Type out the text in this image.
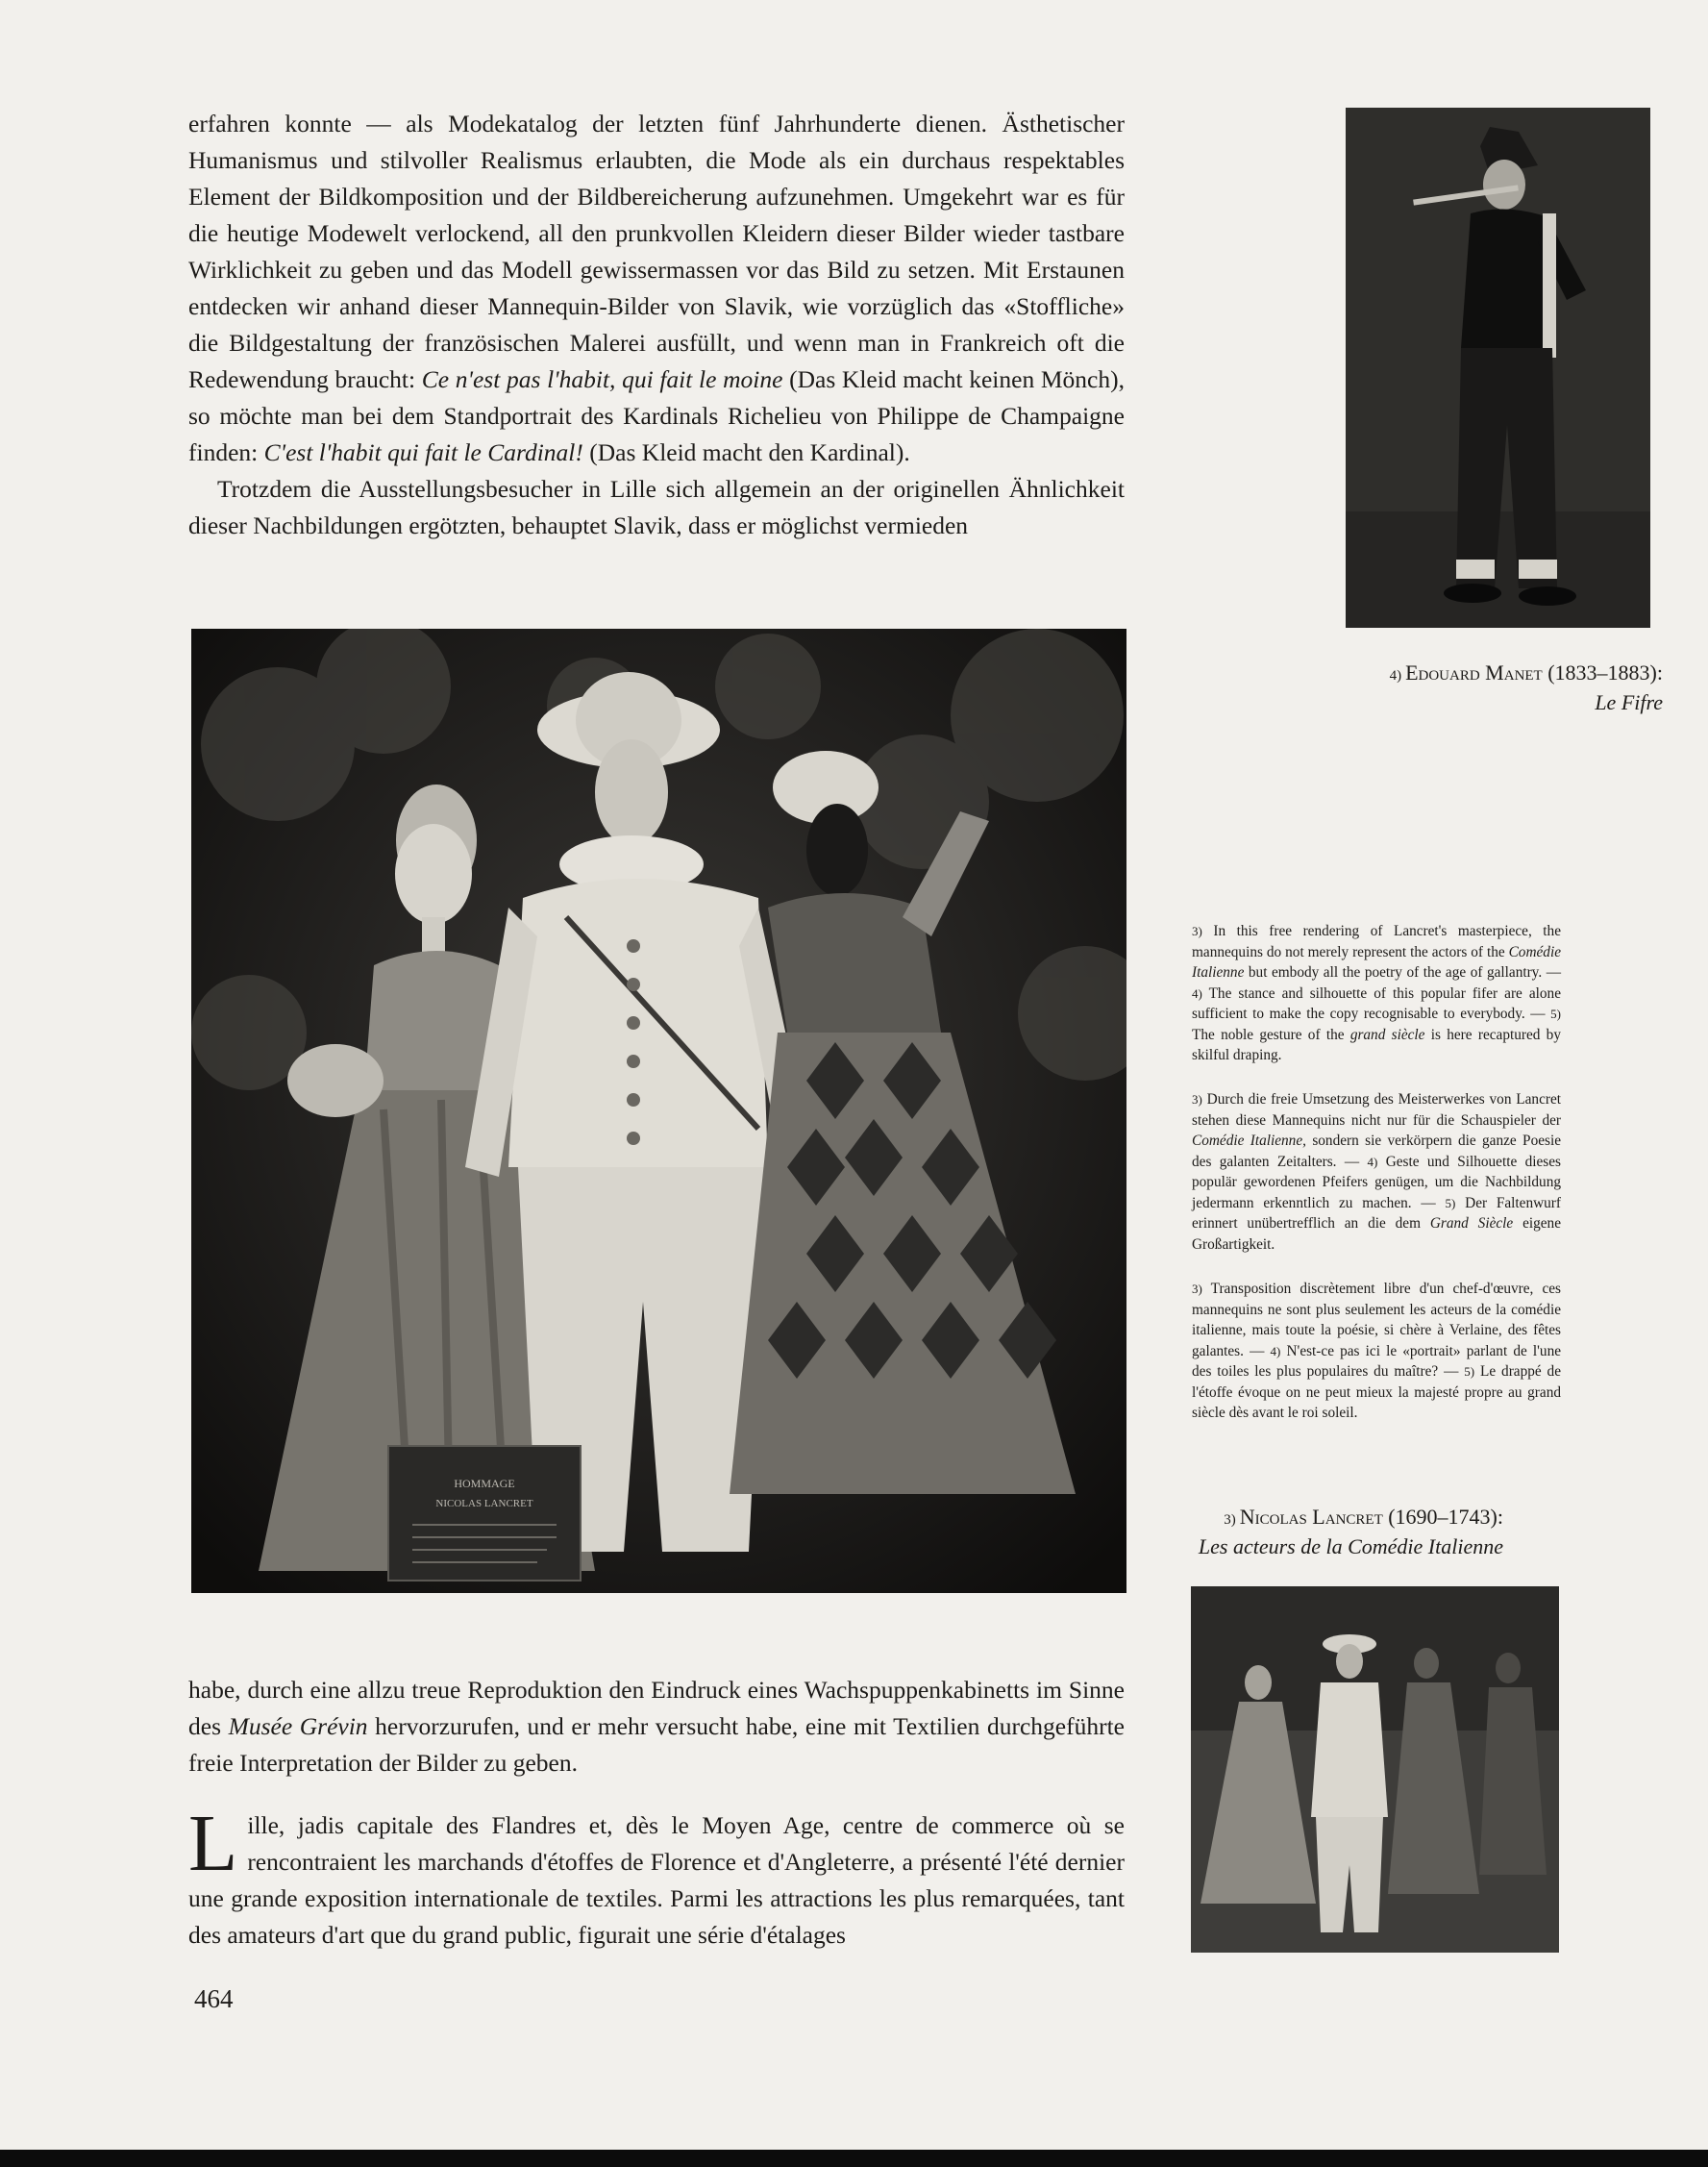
erfahren konnte — als Modekatalog der letzten fünf Jahrhunderte dienen. Ästhetischer Humanismus und stilvoller Realismus erlaubten, die Mode als ein durchaus respektables Element der Bildkomposition und der Bildbereicherung aufzunehmen. Umgekehrt war es für die heutige Modewelt verlockend, all den prunkvollen Kleidern dieser Bilder wieder tastbare Wirklichkeit zu geben und das Modell gewissermassen vor das Bild zu setzen. Mit Erstaunen entdecken wir anhand dieser Mannequin-Bilder von Slavik, wie vorzüglich das «Stoffliche» die Bildgestaltung der französischen Malerei ausfüllt, und wenn man in Frankreich oft die Redewendung braucht: Ce n'est pas l'habit, qui fait le moine (Das Kleid macht keinen Mönch), so möchte man bei dem Standportrait des Kardinals Richelieu von Philippe de Champaigne finden: C'est l'habit qui fait le Cardinal! (Das Kleid macht den Kardinal).

Trotzdem die Ausstellungsbesucher in Lille sich allgemein an der originellen Ähnlichkeit dieser Nachbildungen ergötzten, behauptet Slavik, dass er möglichst vermieden

HOMMAGE
NICOLAS LANCRET
4) Edouard Manet (1833–1883):
Le Fifre

3) In this free rendering of Lancret's masterpiece, the mannequins do not merely represent the actors of the Comédie Italienne but embody all the poetry of the age of gallantry. — 4) The stance and silhouette of this popular fifer are alone sufficient to make the copy recognisable to everybody. — 5) The noble gesture of the grand siècle is here recaptured by skilful draping.

3) Durch die freie Umsetzung des Meisterwerkes von Lancret stehen diese Mannequins nicht nur für die Schauspieler der Comédie Italienne, sondern sie verkörpern die ganze Poesie des galanten Zeitalters. — 4) Geste und Silhouette dieses populär gewordenen Pfeifers genügen, um die Nachbildung jedermann erkenntlich zu machen. — 5) Der Faltenwurf erinnert unübertrefflich an die dem Grand Siècle eigene Großartigkeit.

3) Transposition discrètement libre d'un chef-d'œuvre, ces mannequins ne sont plus seulement les acteurs de la comédie italienne, mais toute la poésie, si chère à Verlaine, des fêtes galantes. — 4) N'est-ce pas ici le «portrait» parlant de l'une des toiles les plus populaires du maître? — 5) Le drappé de l'étoffe évoque on ne peut mieux la majesté propre au grand siècle dès avant le roi soleil.

3) Nicolas Lancret (1690–1743):
Les acteurs de la Comédie Italienne

habe, durch eine allzu treue Reproduktion den Eindruck eines Wachspuppenkabinetts im Sinne des Musée Grévin hervorzurufen, und er mehr versucht habe, eine mit Textilien durchgeführte freie Interpretation der Bilder zu geben.

Lille, jadis capitale des Flandres et, dès le Moyen Age, centre de commerce où se rencontraient les marchands d'étoffes de Florence et d'Angleterre, a présenté l'été dernier une grande exposition internationale de textiles. Parmi les attractions les plus remarquées, tant des amateurs d'art que du grand public, figurait une série d'étalages

464
